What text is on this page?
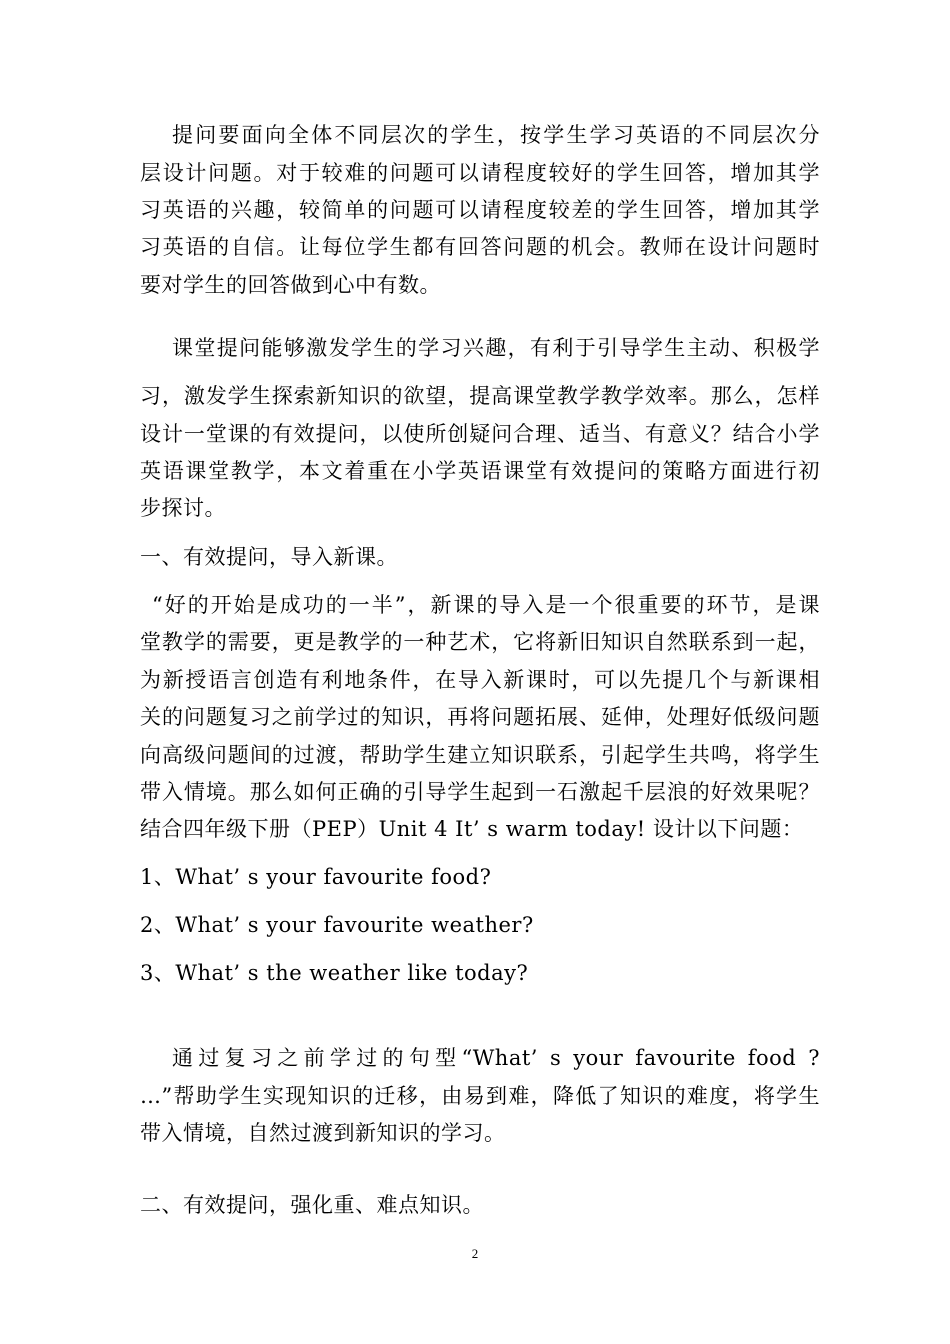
提问要面向全体不同层次的学生，按学生学习英语的不同层次分
层设计问题。对于较难的问题可以请程度较好的学生回答，增加其学
习英语的兴趣，较简单的问题可以请程度较差的学生回答，增加其学
习英语的自信。让每位学生都有回答问题的机会。教师在设计问题时
要对学生的回答做到心中有数。
课堂提问能够激发学生的学习兴趣，有利于引导学生主动、积极学
习，激发学生探索新知识的欲望，提高课堂教学教学效率。那么，怎样
设计一堂课的有效提问，以使所创疑问合理、适当、有意义？结合小学
英语课堂教学，本文着重在小学英语课堂有效提问的策略方面进行初
步探讨。
一、有效提问，导入新课。
“好的开始是成功的一半”，新课的导入是一个很重要的环节，是课
堂教学的需要，更是教学的一种艺术，它将新旧知识自然联系到一起，
为新授语言创造有利地条件，在导入新课时，可以先提几个与新课相
关的问题复习之前学过的知识，再将问题拓展、延伸，处理好低级问题
向高级问题间的过渡，帮助学生建立知识联系，引起学生共鸣，将学生
带入情境。那么如何正确的引导学生起到一石激起千层浪的好效果呢？
结合四年级下册（PEP）Unit 4 It’ s warm today! 设计以下问题：
1、What’ s your favourite food?
2、What’ s your favourite weather?
3、What’ s the weather like today?
通过复习之前学过的句型“What’ s your favourite food ?
…”帮助学生实现知识的迁移，由易到难，降低了知识的难度，将学生
带入情境，自然过渡到新知识的学习。
二、有效提问，强化重、难点知识。
2
